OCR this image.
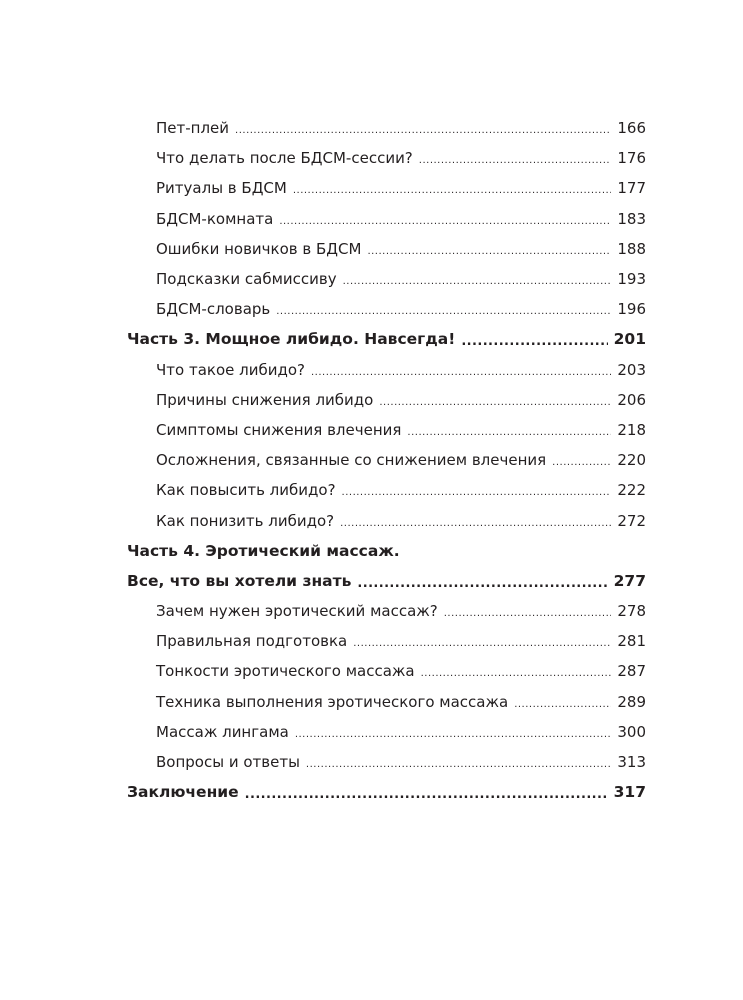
Пет-плей .....	166
Что делать после БДСМ-сессии? .....	176
Ритуалы в БДСМ .....	177
БДСМ-комната .....	183
Ошибки новичков в БДСМ .....	188
Подсказки сабмиссиву .....	193
БДСМ-словарь .....	196
Часть 3. Мощное либидо. Навсегда! .....	201
Что такое либидо? .....	203
Причины снижения либидо .....	206
Симптомы снижения влечения .....	218
Осложнения, связанные со снижением влечения .....	220
Как повысить либидо? .....	222
Как понизить либидо? .....	272
Часть 4. Эротический массаж.
Все, что вы хотели знать .....	277
Зачем нужен эротический массаж? .....	278
Правильная подготовка .....	281
Тонкости эротического массажа .....	287
Техника выполнения эротического массажа .....	289
Массаж лингама .....	300
Вопросы и ответы .....	313
Заключение .....	317
